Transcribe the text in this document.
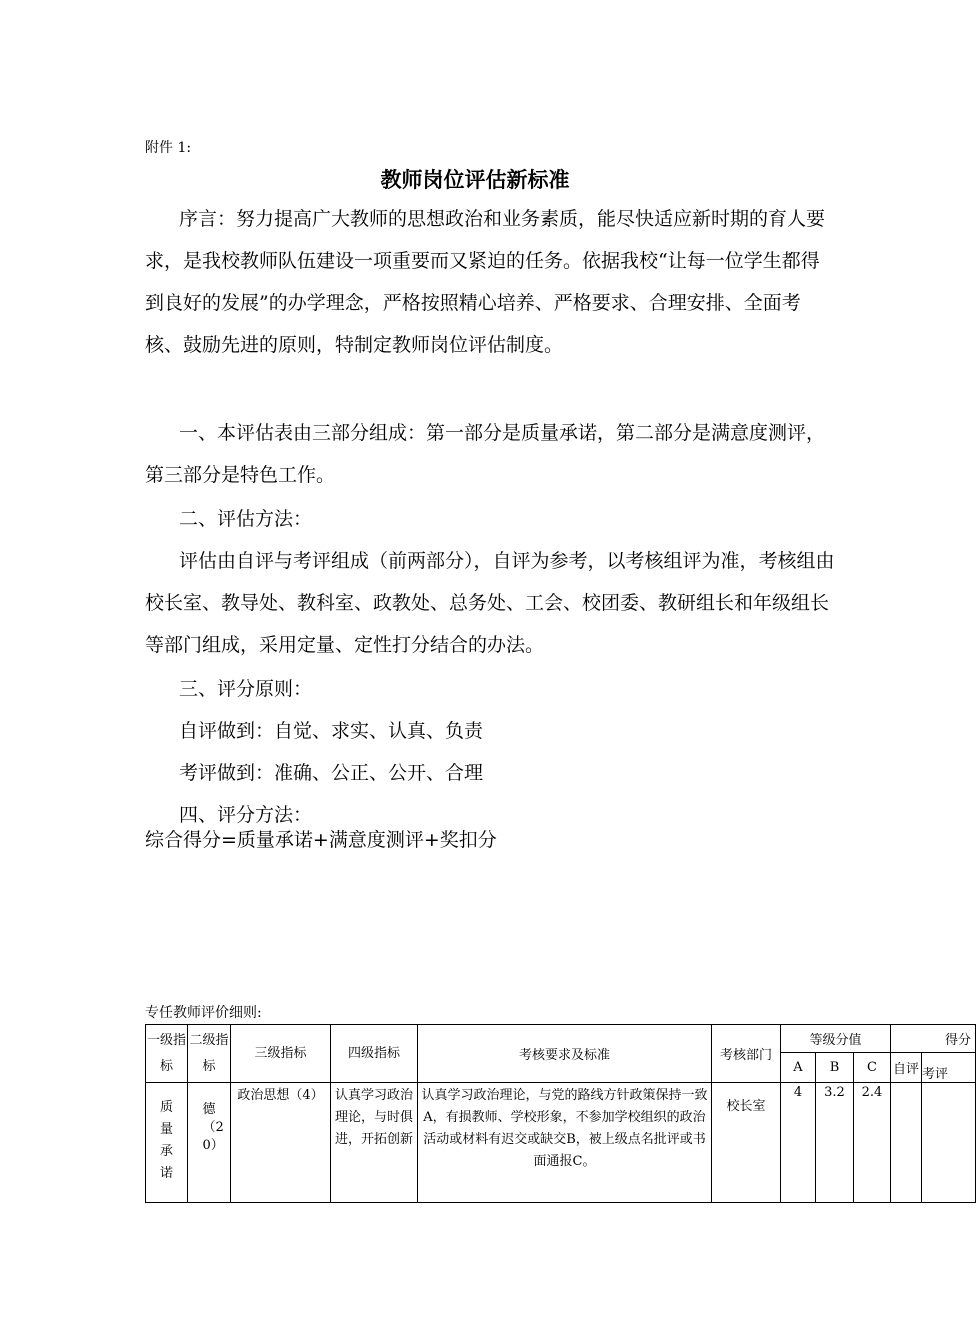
附件 1:
教师岗位评估新标准
序言：努力提高广大教师的思想政治和业务素质，能尽快适应新时期的育人要求，是我校教师队伍建设一项重要而又紧迫的任务。依据我校“让每一位学生都得到良好的发展”的办学理念，严格按照精心培养、严格要求、合理安排、全面考核、鼓励先进的原则，特制定教师岗位评估制度。
一、本评估表由三部分组成：第一部分是质量承诺，第二部分是满意度测评，第三部分是特色工作。
二、评估方法：
评估由自评与考评组成（前两部分），自评为参考，以考核组评为准，考核组由校长室、教导处、教科室、政教处、总务处、工会、校团委、教研组长和年级组长等部门组成，采用定量、定性打分结合的办法。
三、评分原则：
自评做到：自觉、求实、认真、负责
考评做到：准确、公正、公开、合理
四、评分方法：
综合得分=质量承诺+满意度测评+奖扣分
专任教师评价细则:
一级指标	二级指标	三级指标	四级指标	考核要求及标准	考核部门	等级分值			得分	
						A	B	C	自评	考评

质量承诺	德（20）	政治思想（4）	认真学习政治理论，与时俱进，开拓创新	认真学习政治理论，与党的路线方针政策保持一致A，有损教师、学校形象，不参加学校组织的政治活动或材料有迟交或缺交B，被上级点名批评或书面通报C。	校长室	4	3.2	2.4		
